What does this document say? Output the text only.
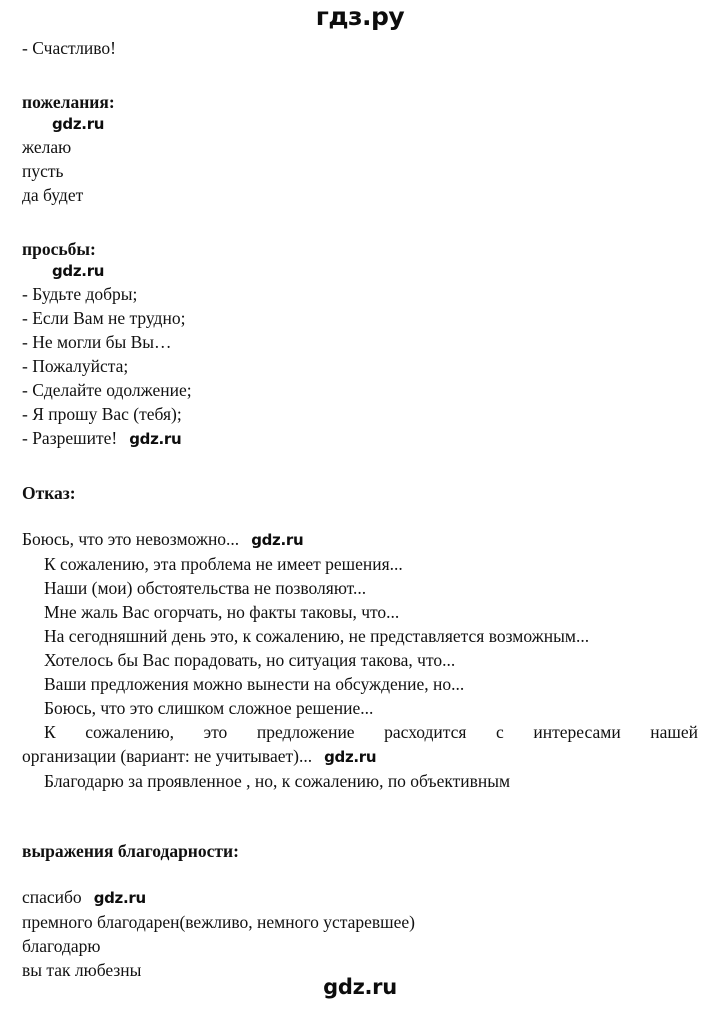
гдз.ру
- Счастливо!
пожелания:
gdz.ru
желаю
пусть
да будет
просьбы:
gdz.ru
- Будьте добры;
- Если Вам не трудно;
- Не могли бы Вы…
- Пожалуйста;
- Сделайте одолжение;
- Я прошу Вас (тебя);
- Разрешите! gdz.ru
Отказ:
Боюсь, что это невозможно... gdz.ru
К сожалению, эта проблема не имеет решения...
Наши (мои) обстоятельства не позволяют...
Мне жаль Вас огорчать, но факты таковы, что...
На сегодняшний день это, к сожалению, не представляется возможным...
Хотелось бы Вас порадовать, но ситуация такова, что...
Ваши предложения можно вынести на обсуждение, но...
Боюсь, что это слишком сложное решение...
К сожалению, это предложение расходится с интересами нашей
организации (вариант: не учитывает)... gdz.ru
Благодарю за проявленное , но, к сожалению, по объективным
выражения благодарности:
спасибо gdz.ru
премного благодарен(вежливо, немного устаревшее)
благодарю
вы так любезны
gdz.ru
